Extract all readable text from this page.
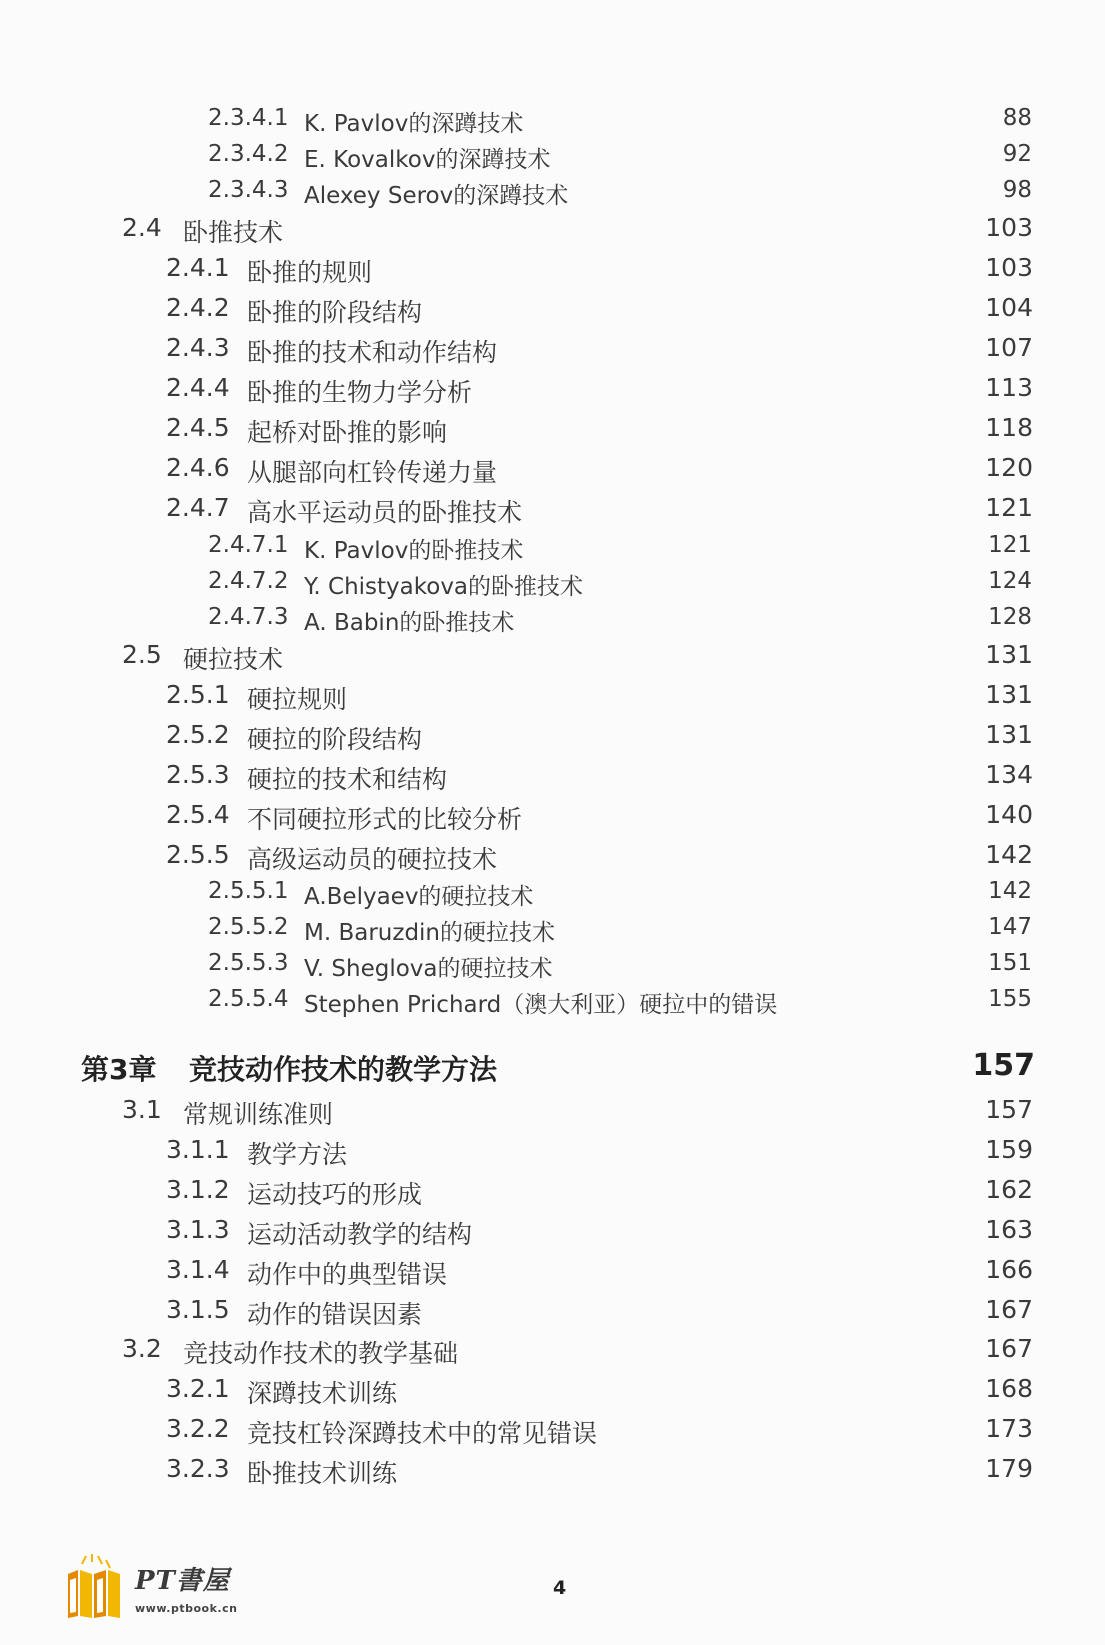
2.3.4.1 K. Pavlov的深蹲技术	88
2.3.4.2 E. Kovalkov的深蹲技术	92
2.3.4.3 Alexey Serov的深蹲技术	98
2.4 卧推技术	103
2.4.1 卧推的规则	103
2.4.2 卧推的阶段结构	104
2.4.3 卧推的技术和动作结构	107
2.4.4 卧推的生物力学分析	113
2.4.5 起桥对卧推的影响	118
2.4.6 从腿部向杠铃传递力量	120
2.4.7 高水平运动员的卧推技术	121
2.4.7.1 K. Pavlov的卧推技术	121
2.4.7.2 Y. Chistyakova的卧推技术	124
2.4.7.3 A. Babin的卧推技术	128
2.5 硬拉技术	131
2.5.1 硬拉规则	131
2.5.2 硬拉的阶段结构	131
2.5.3 硬拉的技术和结构	134
2.5.4 不同硬拉形式的比较分析	140
2.5.5 高级运动员的硬拉技术	142
2.5.5.1 A.Belyaev的硬拉技术	142
2.5.5.2 M. Baruzdin的硬拉技术	147
2.5.5.3 V. Sheglova的硬拉技术	151
2.5.5.4 Stephen Prichard（澳大利亚）硬拉中的错误	155
第3章 竞技动作技术的教学方法	157
3.1 常规训练准则	157
3.1.1 教学方法	159
3.1.2 运动技巧的形成	162
3.1.3 运动活动教学的结构	163
3.1.4 动作中的典型错误	166
3.1.5 动作的错误因素	167
3.2 竞技动作技术的教学基础	167
3.2.1 深蹲技术训练	168
3.2.2 竞技杠铃深蹲技术中的常见错误	173
3.2.3 卧推技术训练	179
PT書屋
www.ptbook.cn
4
